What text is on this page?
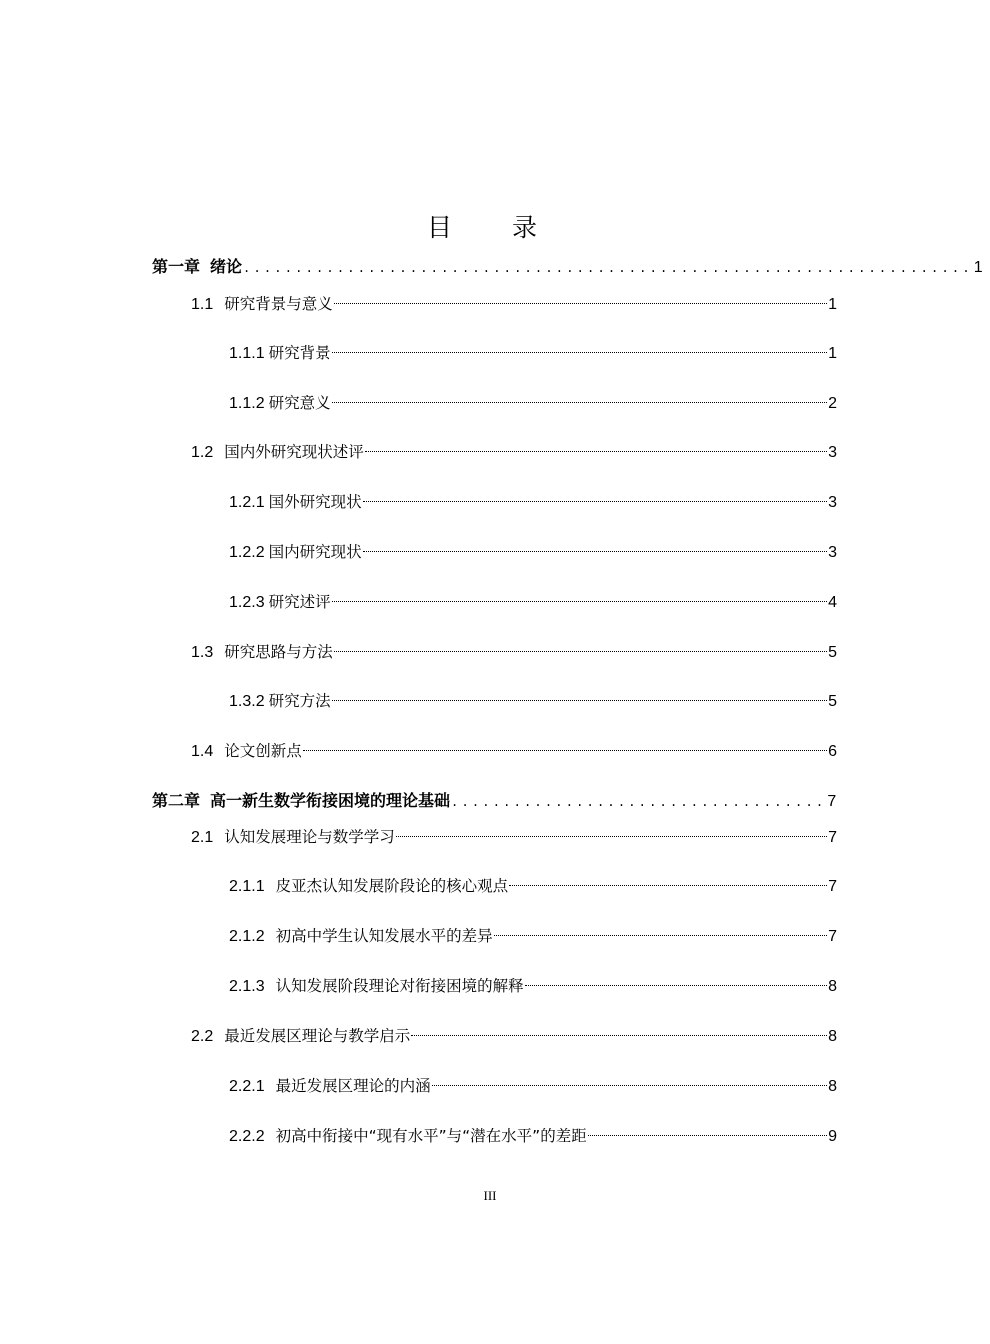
目 录
第一章 绪论 ...................................................................... 1
1.1 研究背景与意义	1
1.1.1 研究背景	1
1.1.2 研究意义	2
1.2 国内外研究现状述评	3
1.2.1 国外研究现状	3
1.2.2 国内研究现状	3
1.2.3 研究述评	4
1.3 研究思路与方法	5
1.3.2 研究方法	5
1.4 论文创新点	6
第二章 高一新生数学衔接困境的理论基础 .................................... 7
2.1 认知发展理论与数学学习	7
2.1.1 皮亚杰认知发展阶段论的核心观点	7
2.1.2 初高中学生认知发展水平的差异	7
2.1.3 认知发展阶段理论对衔接困境的解释	8
2.2 最近发展区理论与教学启示	8
2.2.1 最近发展区理论的内涵	8
2.2.2 初高中衔接中“现有水平”与“潜在水平”的差距	9
III
